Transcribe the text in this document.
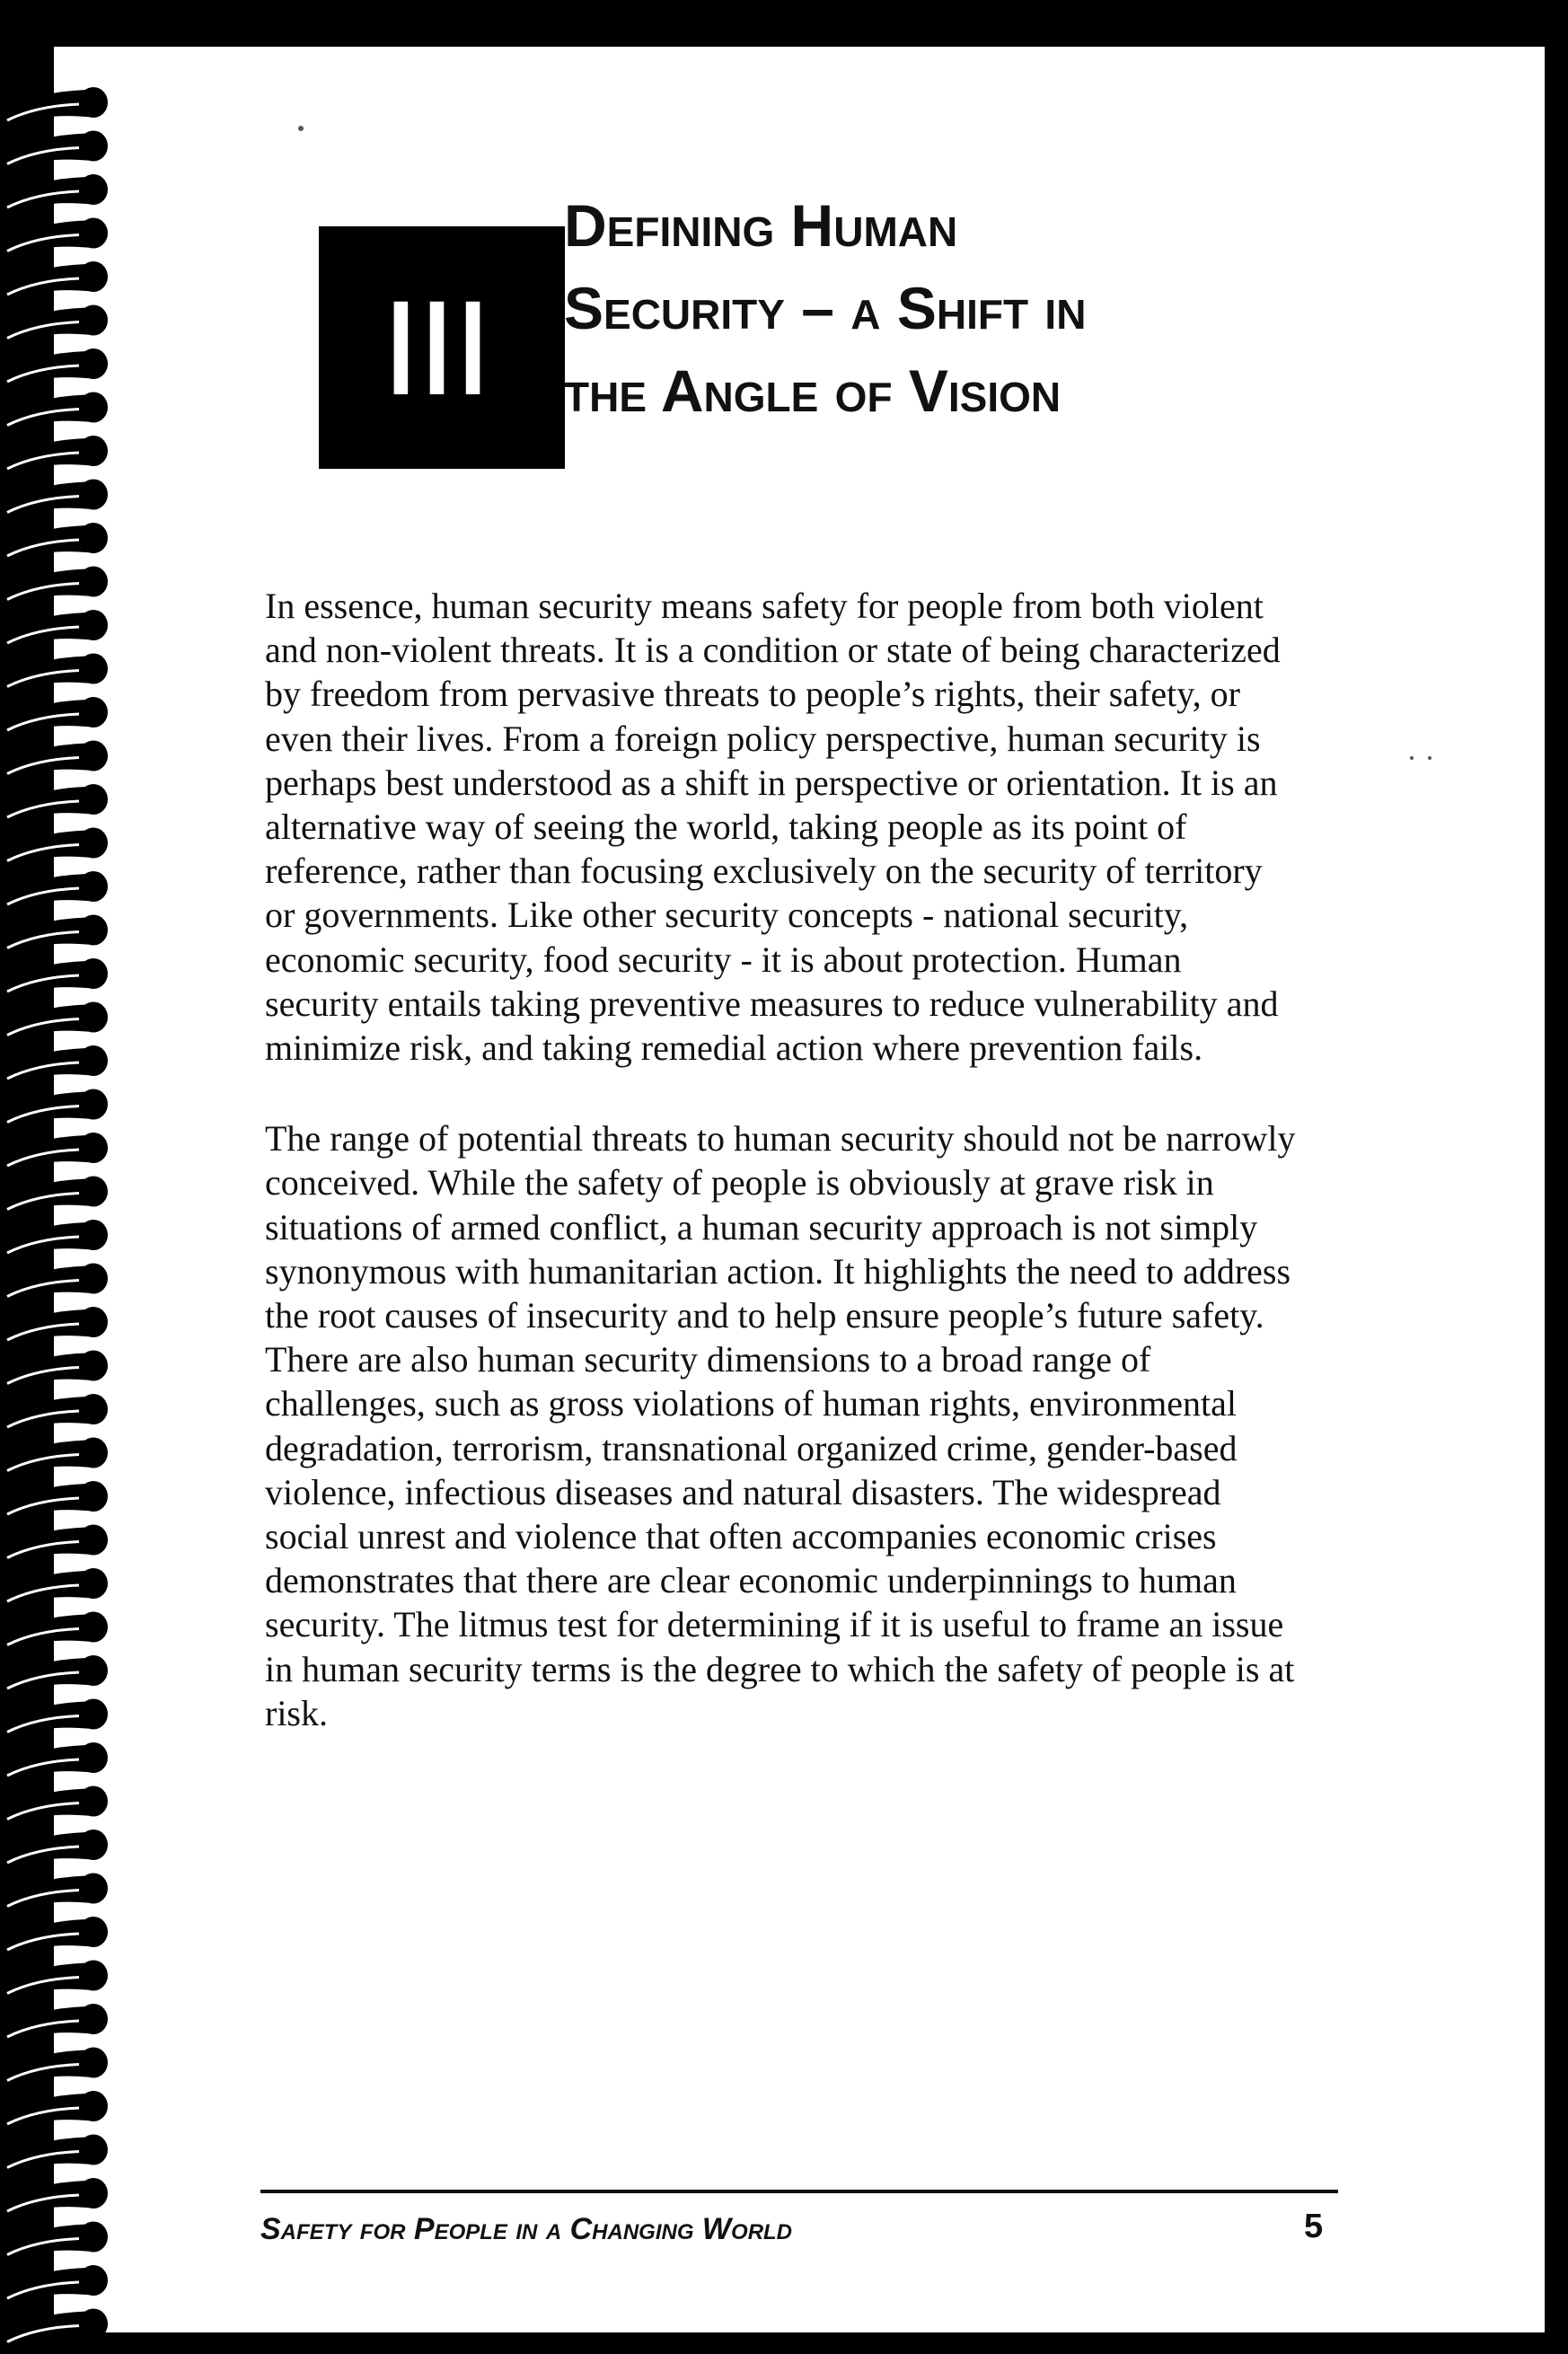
III
Defining Human
Security – a Shift in
the Angle of Vision

In essence, human security means safety for people from both violent and non-violent threats. It is a condition or state of being characterized by freedom from pervasive threats to people’s rights, their safety, or even their lives. From a foreign policy perspective, human security is perhaps best understood as a shift in perspective or orientation. It is an alternative way of seeing the world, taking people as its point of reference, rather than focusing exclusively on the security of territory or governments. Like other security concepts - national security, economic security, food security - it is about protection. Human security entails taking preventive measures to reduce vulnerability and minimize risk, and taking remedial action where prevention fails.

The range of potential threats to human security should not be narrowly conceived. While the safety of people is obviously at grave risk in situations of armed conflict, a human security approach is not simply synonymous with humanitarian action. It highlights the need to address the root causes of insecurity and to help ensure people’s future safety. There are also human security dimensions to a broad range of challenges, such as gross violations of human rights, environmental degradation, terrorism, transnational organized crime, gender-based violence, infectious diseases and natural disasters. The widespread social unrest and violence that often accompanies economic crises demonstrates that there are clear economic underpinnings to human security. The litmus test for determining if it is useful to frame an issue in human security terms is the degree to which the safety of people is at risk.

Safety for People in a Changing World	5
